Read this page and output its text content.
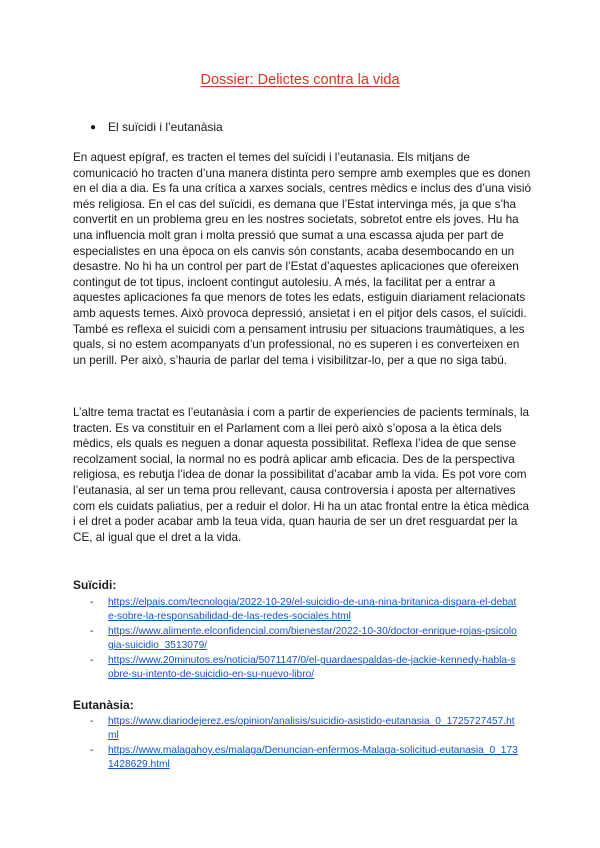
Dossier: Delictes contra la vida
● El suïcidi i l’eutanàsia

En aquest epígraf, es tracten el temes del suïcidi i l’eutanasia. Els mitjans de comunicació ho tracten d’una manera distinta pero sempre amb exemples que es donen en el dia a dia. Es fa una crítica a xarxes socials, centres mèdics e inclus des d’una visió més religiosa. En el cas del suïcidi, es demana que l’Estat intervinga més, ja que s’ha convertit en un problema greu en les nostres societats, sobretot entre els joves. Hu ha una influencia molt gran i molta pressió que sumat a una escassa ajuda per part de especialistes en una època on els canvis són constants, acaba desembocando en un desastre. No hi ha un control per part de l’Estat d’aquestes aplicaciones que ofereixen contingut de tot tipus, incloent contingut autolesiu. A més, la facilitat per a entrar a aquestes aplicaciones fa que menors de totes les edats, estiguin diariament relacionats amb aquests temes. Això provoca depressió, ansietat i en el pitjor dels casos, el suïcidi. També es reflexa el suicidi com a pensament intrusiu per situacions traumàtiques, a les quals, si no estem acompanyats d’un professional, no es superen i es converteixen en un perill. Per això, s’hauria de parlar del tema i visibilitzar-lo, per a que no siga tabú.

L’altre tema tractat es l’eutanàsia i com a partir de experiencies de pacients terminals, la tracten. Es va constituir en el Parlament com a llei però això s’oposa a la ètica dels mèdics, els quals es neguen a donar aquesta possibilitat. Reflexa l’idea de que sense recolzament social, la normal no es podrà aplicar amb eficacia. Des de la perspectiva religiosa, es rebutja l’idea de donar la possibilitat d’acabar amb la vida. Es pot vore com l’eutanasia, al ser un tema prou rellevant, causa controversia i aposta per alternatives com els cuidats paliatius, per a reduir el dolor. Hi ha un atac frontal entre la ètica mèdica i el dret a poder acabar amb la teua vida, quan hauria de ser un dret resguardat per la CE, al igual que el dret a la vida.

Suïcidi:
-	https://elpais.com/tecnologia/2022-10-29/el-suicidio-de-una-nina-britanica-dispara-el-debate-sobre-la-responsabilidad-de-las-redes-sociales.html
-	https://www.alimente.elconfidencial.com/bienestar/2022-10-30/doctor-enrique-rojas-psicologia-suicidio_3513079/
-	https://www.20minutos.es/noticia/5071147/0/el-guardaespaldas-de-jackie-kennedy-habla-sobre-su-intento-de-suicidio-en-su-nuevo-libro/
Eutanàsia:
-	https://www.diariodejerez.es/opinion/analisis/suicidio-asistido-eutanasia_0_1725727457.html
-	https://www.malagahoy.es/malaga/Denuncian-enfermos-Malaga-solicitud-eutanasia_0_1731428629.html
